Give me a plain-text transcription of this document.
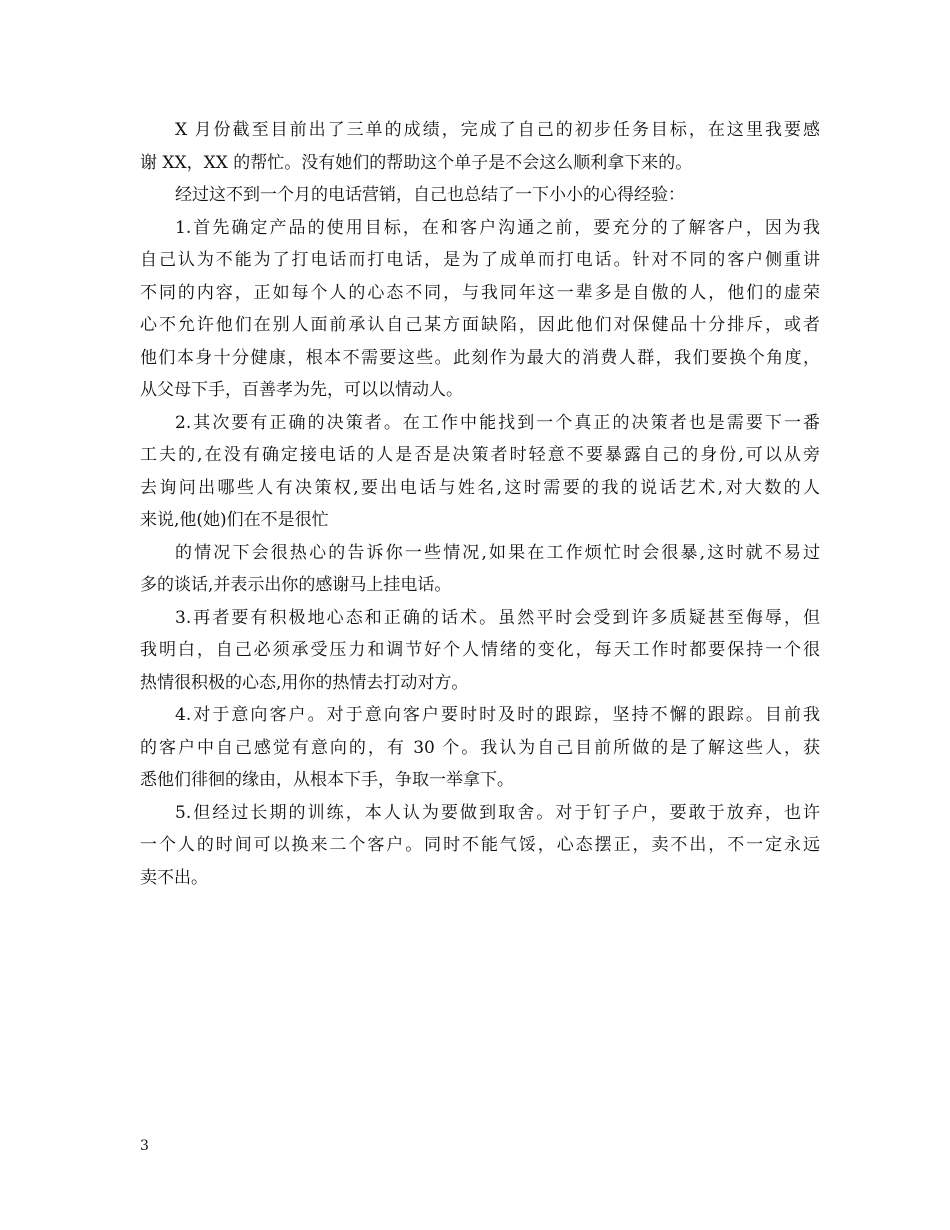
X 月份截至目前出了三单的成绩，完成了自己的初步任务目标，在这里我要感
谢 XX，XX 的帮忙。没有她们的帮助这个单子是不会这么顺利拿下来的。
经过这不到一个月的电话营销，自己也总结了一下小小的心得经验：
1.首先确定产品的使用目标，在和客户沟通之前，要充分的了解客户，因为我
自己认为不能为了打电话而打电话，是为了成单而打电话。针对不同的客户侧重讲
不同的内容，正如每个人的心态不同，与我同年这一辈多是自傲的人，他们的虚荣
心不允许他们在别人面前承认自己某方面缺陷，因此他们对保健品十分排斥，或者
他们本身十分健康，根本不需要这些。此刻作为最大的消费人群，我们要换个角度，
从父母下手，百善孝为先，可以以情动人。
2.其次要有正确的决策者。在工作中能找到一个真正的决策者也是需要下一番
工夫的,在没有确定接电话的人是否是决策者时轻意不要暴露自己的身份,可以从旁
去询问出哪些人有决策权,要出电话与姓名,这时需要的我的说话艺术,对大数的人
来说,他(她)们在不是很忙
的情况下会很热心的告诉你一些情况,如果在工作烦忙时会很暴,这时就不易过
多的谈话,并表示出你的感谢马上挂电话。
3.再者要有积极地心态和正确的话术。虽然平时会受到许多质疑甚至侮辱，但
我明白，自己必须承受压力和调节好个人情绪的变化，每天工作时都要保持一个很
热情很积极的心态,用你的热情去打动对方。
4.对于意向客户。对于意向客户要时时及时的跟踪，坚持不懈的跟踪。目前我
的客户中自己感觉有意向的，有 30 个。我认为自己目前所做的是了解这些人，获
悉他们徘徊的缘由，从根本下手，争取一举拿下。
5.但经过长期的训练，本人认为要做到取舍。对于钉子户，要敢于放弃，也许
一个人的时间可以换来二个客户。同时不能气馁，心态摆正，卖不出，不一定永远
卖不出。
3
